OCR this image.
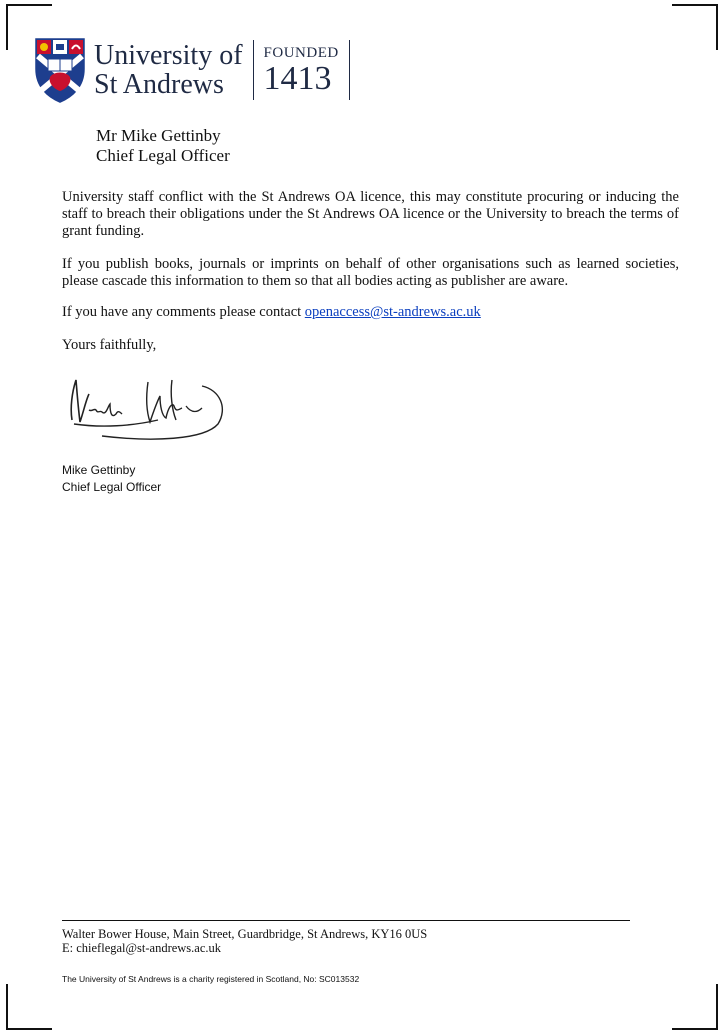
University of
St Andrews
FOUNDED
1413
Mr Mike Gettinby
Chief Legal Officer
University staff conflict with the St Andrews OA licence, this may constitute procuring or inducing the staff to breach their obligations under the St Andrews OA licence or the University to breach the terms of grant funding.
If you publish books, journals or imprints on behalf of other organisations such as learned societies, please cascade this information to them so that all bodies acting as publisher are aware.
If you have any comments please contact openaccess@st-andrews.ac.uk
Yours faithfully,
Mike Gettinby
Chief Legal Officer
Walter Bower House, Main Street, Guardbridge, St Andrews, KY16 0US
E: chieflegal@st-andrews.ac.uk
The University of St Andrews is a charity registered in Scotland, No: SC013532
